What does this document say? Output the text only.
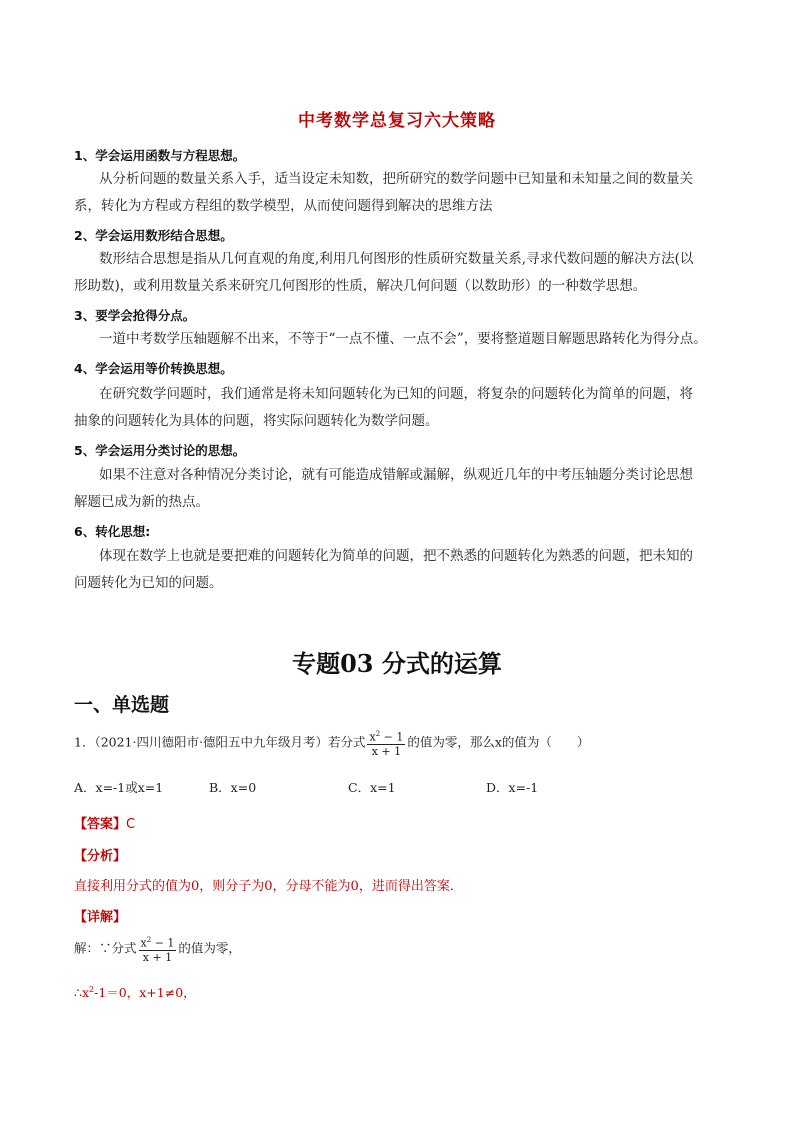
中考数学总复习六大策略
1、学会运用函数与方程思想。
从分析问题的数量关系入手，适当设定未知数，把所研究的数学问题中已知量和未知量之间的数量关
系，转化为方程或方程组的数学模型，从而使问题得到解决的思维方法
2、学会运用数形结合思想。
数形结合思想是指从几何直观的角度,利用几何图形的性质研究数量关系,寻求代数问题的解决方法(以
形助数)，或利用数量关系来研究几何图形的性质，解决几何问题（以数助形）的一种数学思想。
3、要学会抢得分点。
一道中考数学压轴题解不出来，不等于“一点不懂、一点不会”，要将整道题目解题思路转化为得分点。
4、学会运用等价转换思想。
在研究数学问题时，我们通常是将未知问题转化为已知的问题，将复杂的问题转化为简单的问题，将
抽象的问题转化为具体的问题，将实际问题转化为数学问题。
5、学会运用分类讨论的思想。
如果不注意对各种情况分类讨论，就有可能造成错解或漏解，纵观近几年的中考压轴题分类讨论思想
解题已成为新的热点。
6、转化思想:
体现在数学上也就是要把难的问题转化为简单的问题，把不熟悉的问题转化为熟悉的问题，把未知的
问题转化为已知的问题。
专题03 分式的运算
一、单选题
1．（2021·四川德阳市·德阳五中九年级月考）若分式 $\frac{x^2 - 1}{x + 1}$ 的值为零，那么x的值为（　　）
A．x=-1或x=1	B．x=0	C．x=1	D．x=-1
【答案】C
【分析】
直接利用分式的值为0，则分子为0，分母不能为0，进而得出答案．
【详解】
解：∵分式 $\frac{x^2 - 1}{x + 1}$ 的值为零，
$\therefore x^2-1=0$，x+1≠0，
